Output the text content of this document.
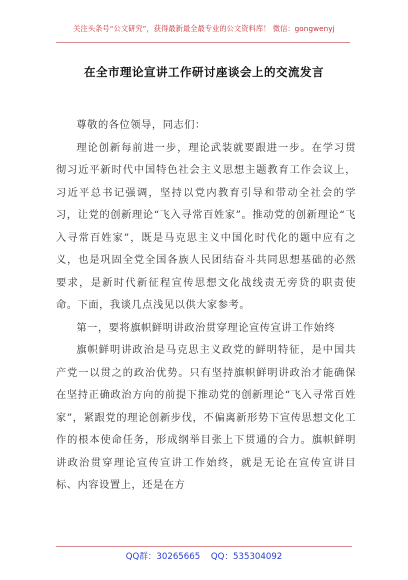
关注头条号“公文研究”，获得最新最全最专业的公文资料库！ 微信：gongwenyj
在全市理论宣讲工作研讨座谈会上的交流发言

尊敬的各位领导，同志们：

理论创新每前进一步，理论武装就要跟进一步。在学习贯彻习近平新时代中国特色社会主义思想主题教育工作会议上，习近平总书记强调，坚持以党内教育引导和带动全社会的学习，让党的创新理论“飞入寻常百姓家”。推动党的创新理论“飞入寻常百姓家”，既是马克思主义中国化时代化的题中应有之义，也是巩固全党全国各族人民团结奋斗共同思想基础的必然要求，是新时代新征程宣传思想文化战线责无旁贷的职责使命。下面，我谈几点浅见以供大家参考。

第一，要将旗帜鲜明讲政治贯穿理论宣传宣讲工作始终

旗帜鲜明讲政治是马克思主义政党的鲜明特征，是中国共产党一以贯之的政治优势。只有坚持旗帜鲜明讲政治才能确保在坚持正确政治方向的前提下推动党的创新理论“飞入寻常百姓家”，紧跟党的理论创新步伐，不偏离新形势下宣传思想文化工作的根本使命任务，形成纲举目张上下贯通的合力。旗帜鲜明讲政治贯穿理论宣传宣讲工作始终，就是无论在宣传宣讲目标、内容设置上，还是在方

QQ群：30265665 QQ：535304092
